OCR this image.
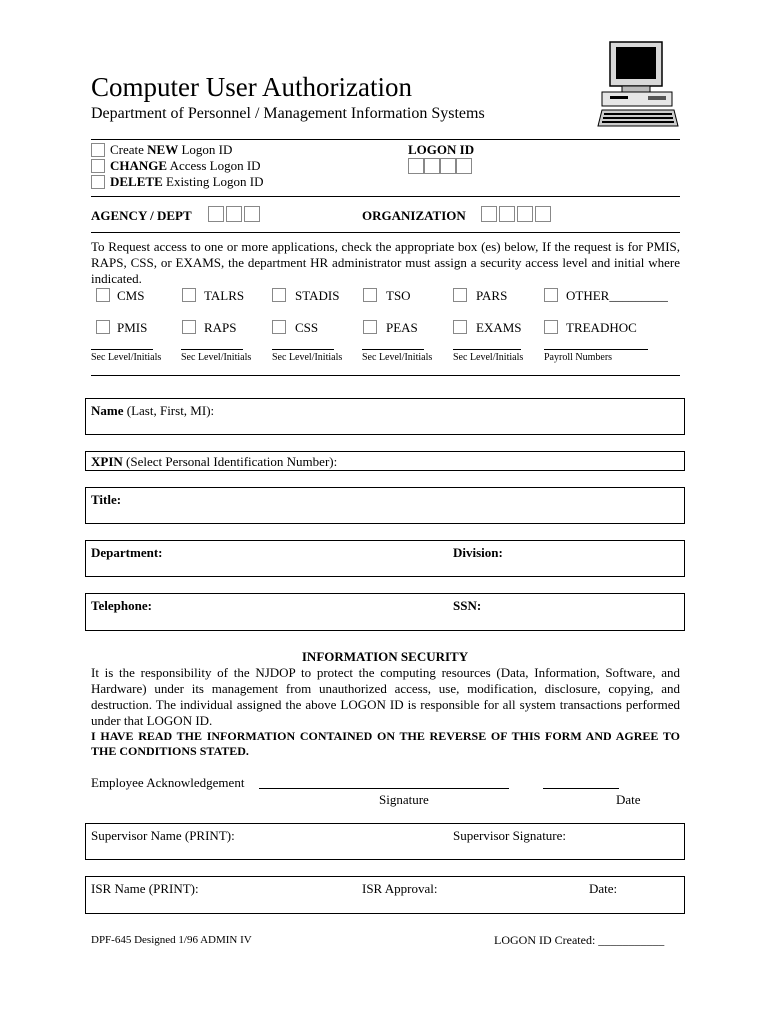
Computer User Authorization
Department of Personnel / Management Information Systems
Create NEW Logon ID
CHANGE Access Logon ID
DELETE Existing Logon ID
LOGON ID
AGENCY / DEPT	ORGANIZATION
To Request access to one or more applications, check the appropriate box (es) below, If the request is for PMIS, RAPS, CSS, or EXAMS, the department HR administrator must assign a security access level and initial where indicated.
CMS	TALRS	STADIS	TSO	PARS	OTHER_________
PMIS	RAPS	CSS	PEAS	EXAMS	TREADHOC
Sec Level/Initials Sec Level/Initials Sec Level/Initials Sec Level/Initials Sec Level/Initials Payroll Numbers
Name (Last, First, MI):
XPIN (Select Personal Identification Number):
Title:
Department:	Division:
Telephone:	SSN:
INFORMATION SECURITY
It is the responsibility of the NJDOP to protect the computing resources (Data, Information, Software, and Hardware) under its management from unauthorized access, use, modification, disclosure, copying, and destruction. The individual assigned the above LOGON ID is responsible for all system transactions performed under that LOGON ID.
I HAVE READ THE INFORMATION CONTAINED ON THE REVERSE OF THIS FORM AND AGREE TO THE CONDITIONS STATED.
Employee Acknowledgement
Signature	Date
Supervisor Name (PRINT):	Supervisor Signature:
ISR Name (PRINT):	ISR Approval:	Date:
DPF-645 Designed 1/96 ADMIN IV	LOGON ID Created: ___________
